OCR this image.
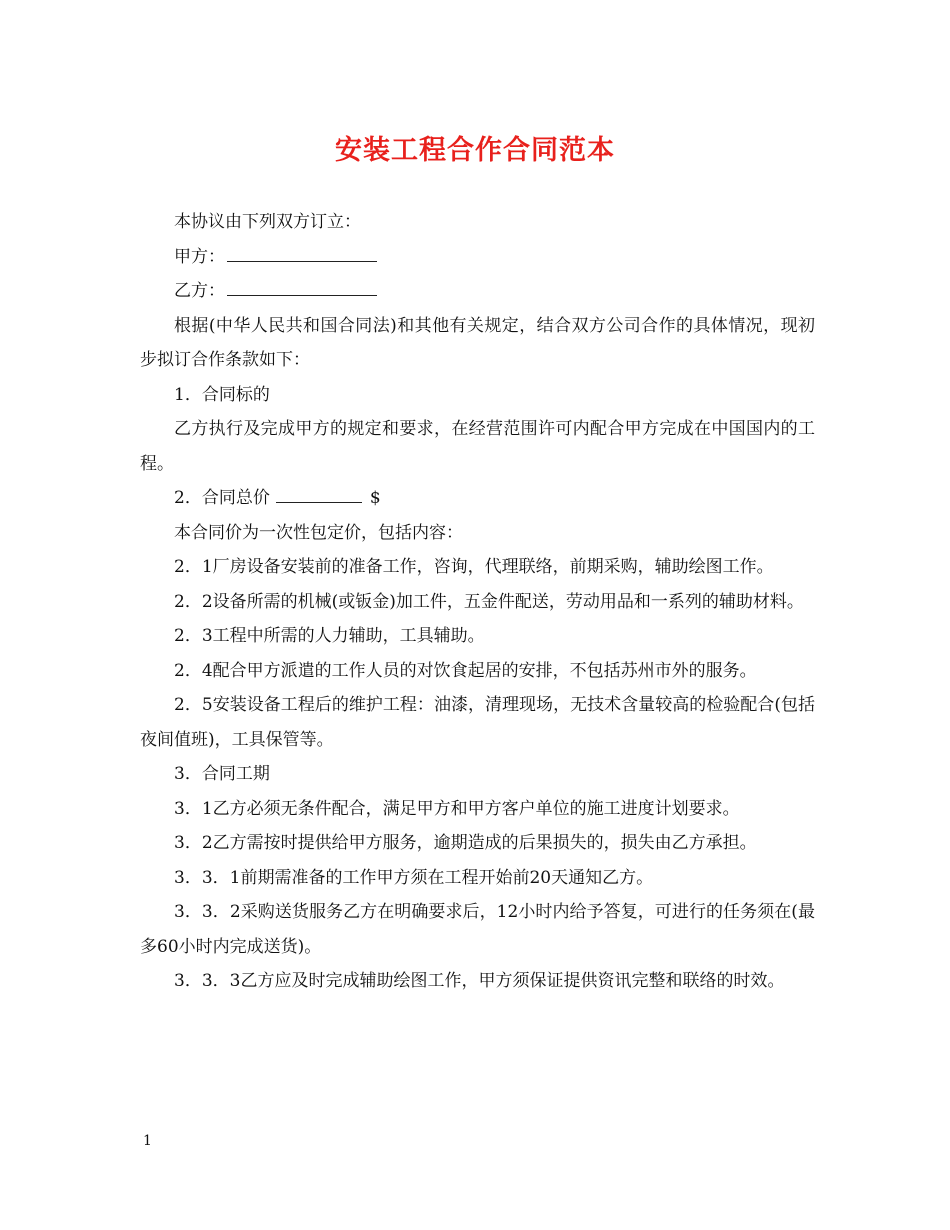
安装工程合作合同范本

本协议由下列双方订立：

甲方：

乙方：

根据(中华人民共和国合同法)和其他有关规定，结合双方公司合作的具体情况，现初步拟订合作条款如下：

1．合同标的

乙方执行及完成甲方的规定和要求，在经营范围许可内配合甲方完成在中国国内的工程。

2．合同总价	$

本合同价为一次性包定价，包括内容：

2．1厂房设备安装前的准备工作，咨询，代理联络，前期采购，辅助绘图工作。

2．2设备所需的机械(或钣金)加工件，五金件配送，劳动用品和一系列的辅助材料。

2．3工程中所需的人力辅助，工具辅助。

2．4配合甲方派遣的工作人员的对饮食起居的安排，不包括苏州市外的服务。

2．5安装设备工程后的维护工程：油漆，清理现场，无技术含量较高的检验配合(包括夜间值班)，工具保管等。

3．合同工期

3．1乙方必须无条件配合，满足甲方和甲方客户单位的施工进度计划要求。

3．2乙方需按时提供给甲方服务，逾期造成的后果损失的，损失由乙方承担。

3．3．1前期需准备的工作甲方须在工程开始前20天通知乙方。

3．3．2采购送货服务乙方在明确要求后，12小时内给予答复，可进行的任务须在(最多60小时内完成送货)。

3．3．3乙方应及时完成辅助绘图工作，甲方须保证提供资讯完整和联络的时效。

1
